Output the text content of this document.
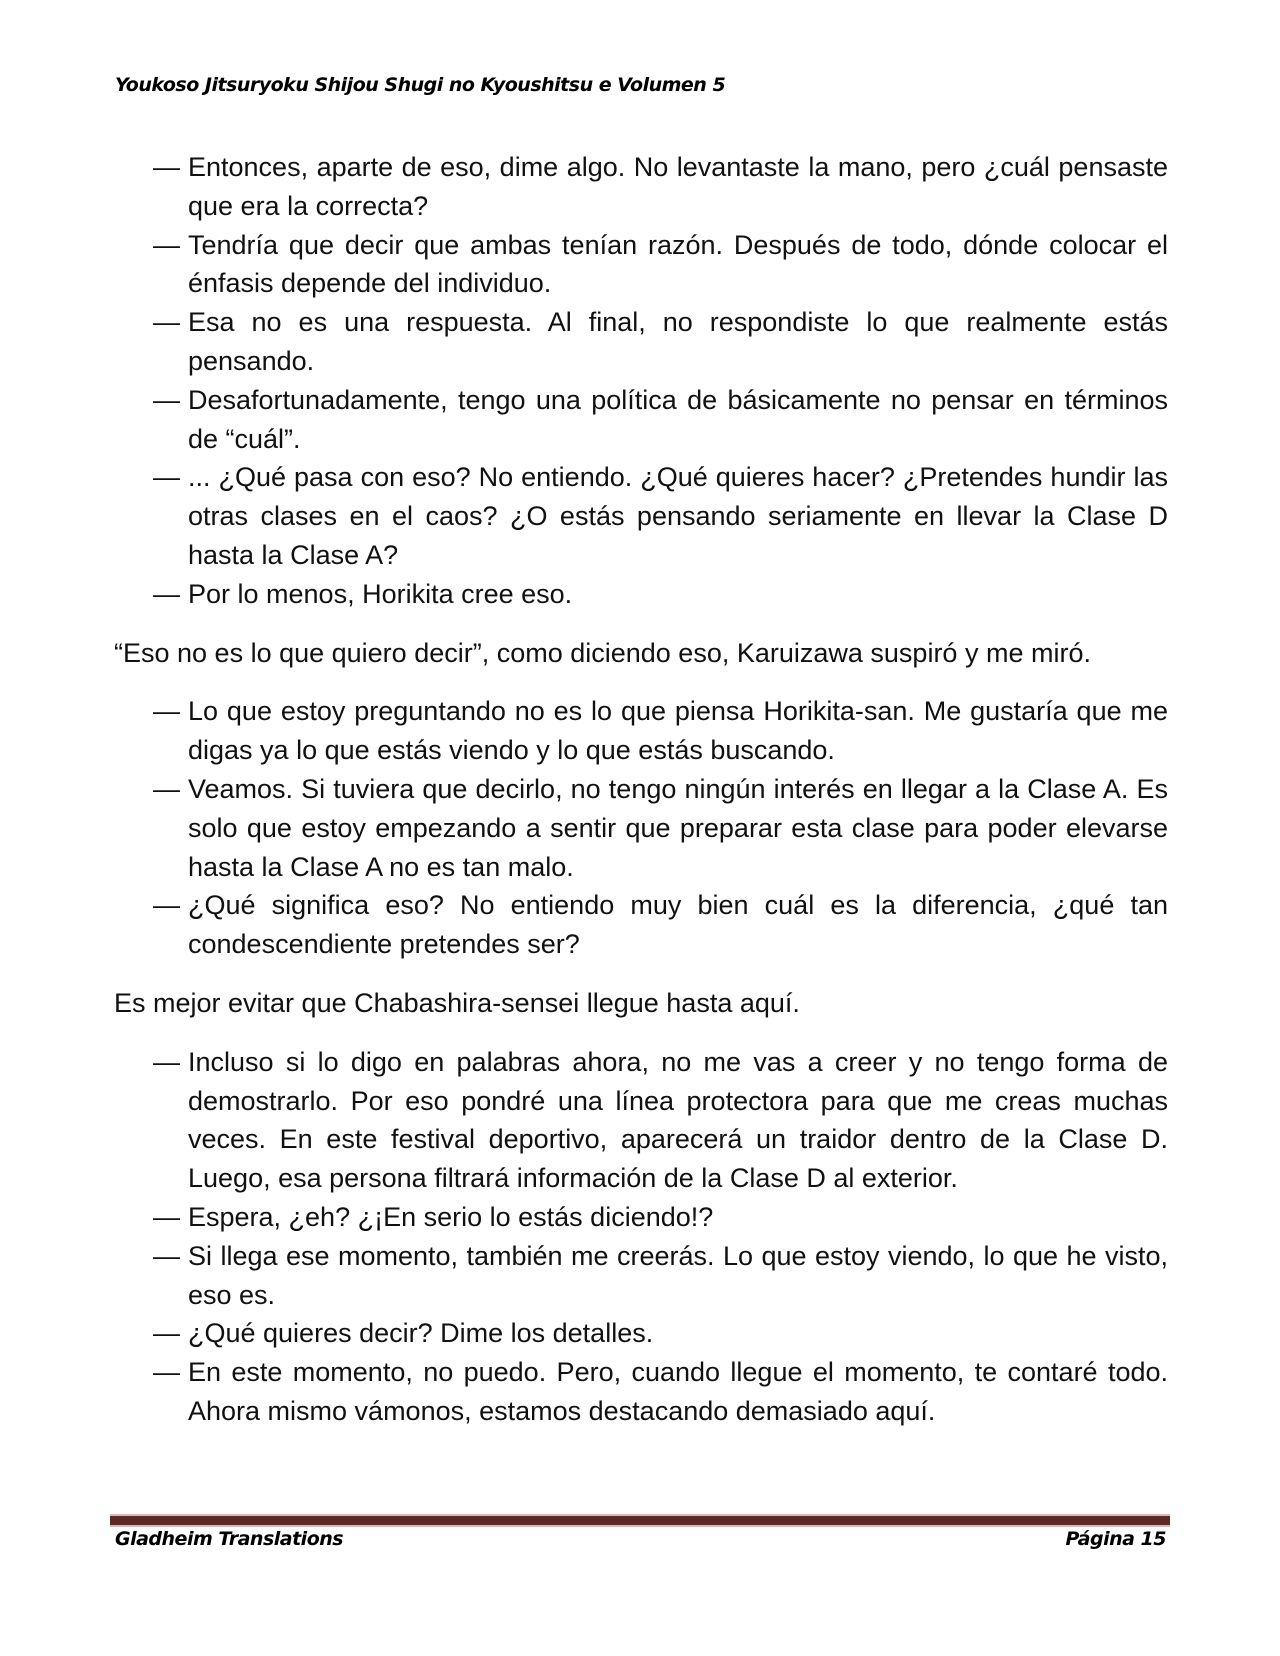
Youkoso Jitsuryoku Shijou Shugi no Kyoushitsu e Volumen 5
— Entonces, aparte de eso, dime algo. No levantaste la mano, pero ¿cuál pensaste que era la correcta?
— Tendría que decir que ambas tenían razón. Después de todo, dónde colocar el énfasis depende del individuo.
— Esa no es una respuesta. Al final, no respondiste lo que realmente estás pensando.
— Desafortunadamente, tengo una política de básicamente no pensar en términos de “cuál”.
— ... ¿Qué pasa con eso? No entiendo. ¿Qué quieres hacer? ¿Pretendes hundir las otras clases en el caos? ¿O estás pensando seriamente en llevar la Clase D hasta la Clase A?
— Por lo menos, Horikita cree eso.
“Eso no es lo que quiero decir”, como diciendo eso, Karuizawa suspiró y me miró.
— Lo que estoy preguntando no es lo que piensa Horikita-san. Me gustaría que me digas ya lo que estás viendo y lo que estás buscando.
— Veamos. Si tuviera que decirlo, no tengo ningún interés en llegar a la Clase A. Es solo que estoy empezando a sentir que preparar esta clase para poder elevarse hasta la Clase A no es tan malo.
— ¿Qué significa eso? No entiendo muy bien cuál es la diferencia, ¿qué tan condescendiente pretendes ser?
Es mejor evitar que Chabashira-sensei llegue hasta aquí.
— Incluso si lo digo en palabras ahora, no me vas a creer y no tengo forma de demostrarlo. Por eso pondré una línea protectora para que me creas muchas veces. En este festival deportivo, aparecerá un traidor dentro de la Clase D. Luego, esa persona filtrará información de la Clase D al exterior.
— Espera, ¿eh? ¿¡En serio lo estás diciendo!?
— Si llega ese momento, también me creerás. Lo que estoy viendo, lo que he visto, eso es.
— ¿Qué quieres decir? Dime los detalles.
— En este momento, no puedo. Pero, cuando llegue el momento, te contaré todo. Ahora mismo vámonos, estamos destacando demasiado aquí.
Gladheim Translations	Página 15
